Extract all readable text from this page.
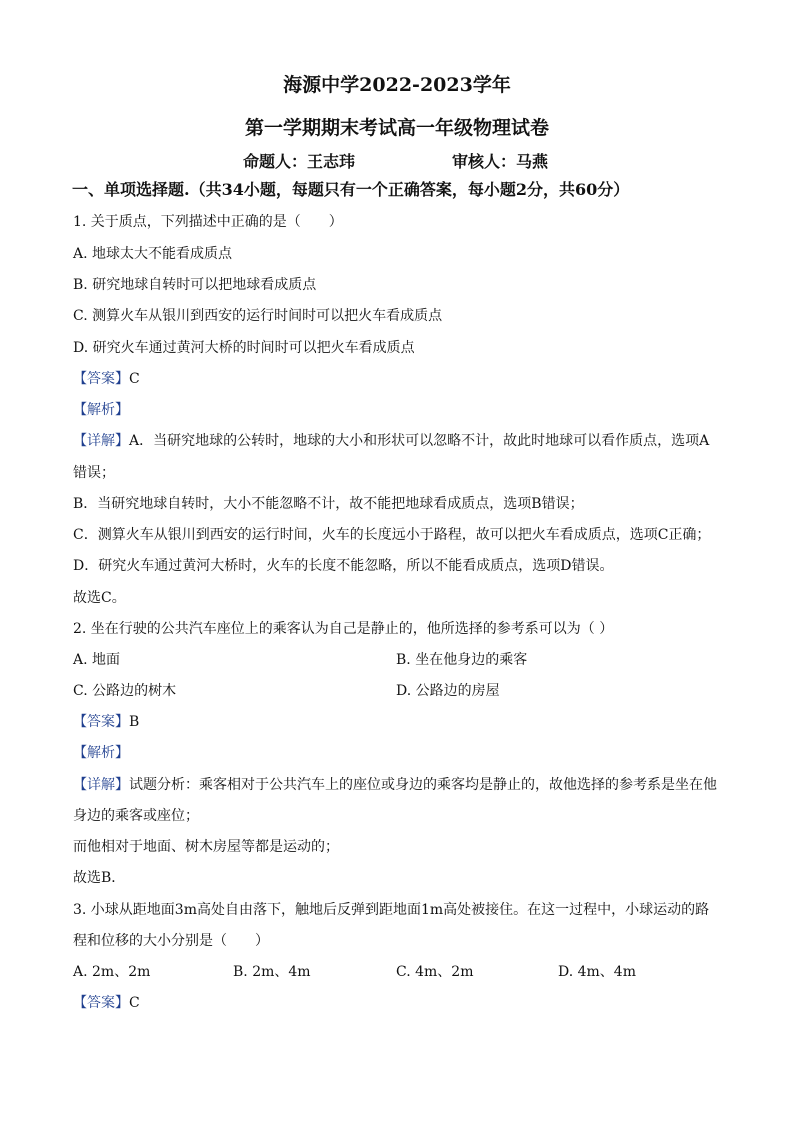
海源中学2022-2023学年
第一学期期末考试高一年级物理试卷
命题人：王志玮	审核人：马燕
一、单项选择题.（共34小题，每题只有一个正确答案，每小题2分，共60分）
1. 关于质点，下列描述中正确的是（　　）
A. 地球太大不能看成质点
B. 研究地球自转时可以把地球看成质点
C. 测算火车从银川到西安的运行时间时可以把火车看成质点
D. 研究火车通过黄河大桥的时间时可以把火车看成质点
【答案】C
【解析】
【详解】A．当研究地球的公转时，地球的大小和形状可以忽略不计，故此时地球可以看作质点，选项A
错误；
B．当研究地球自转时，大小不能忽略不计，故不能把地球看成质点，选项B错误；
C．测算火车从银川到西安的运行时间，火车的长度远小于路程，故可以把火车看成质点，选项C正确；
D．研究火车通过黄河大桥时，火车的长度不能忽略，所以不能看成质点，选项D错误。
故选C。
2. 坐在行驶的公共汽车座位上的乘客认为自己是静止的，他所选择的参考系可以为（ ）
A. 地面	B. 坐在他身边的乘客
C. 公路边的树木	D. 公路边的房屋
【答案】B
【解析】
【详解】试题分析：乘客相对于公共汽车上的座位或身边的乘客均是静止的，故他选择的参考系是坐在他
身边的乘客或座位；
而他相对于地面、树木房屋等都是运动的；
故选B．
3. 小球从距地面3m高处自由落下，触地后反弹到距地面1m高处被接住。在这一过程中，小球运动的路
程和位移的大小分别是（　　）
A. 2m、2m	B. 2m、4m	C. 4m、2m	D. 4m、4m
【答案】C
